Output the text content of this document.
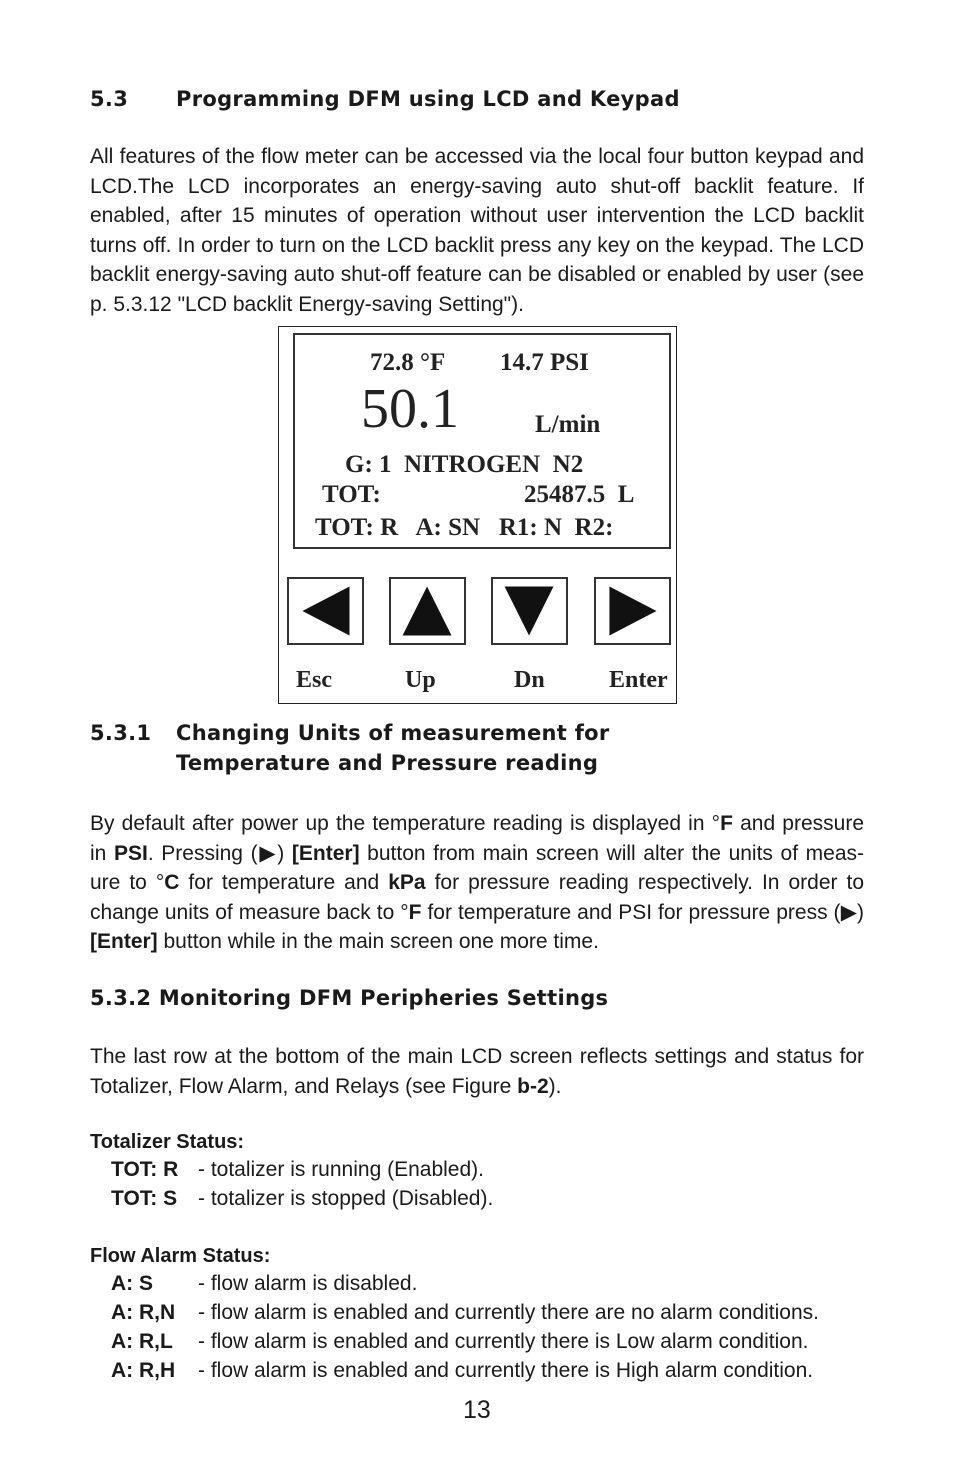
5.3 Programming DFM using LCD and Keypad
All features of the flow meter can be accessed via the local four button keypad and LCD.The LCD incorporates an energy-saving auto shut-off backlit feature. If enabled, after 15 minutes of operation without user intervention the LCD backlit turns off. In order to turn on the LCD backlit press any key on the keypad. The LCD backlit energy-saving auto shut-off feature can be disabled or enabled by user (see p. 5.3.12 "LCD backlit Energy-saving Setting").
72.8 °F 14.7 PSI
50.1	L/min
G: 1  NITROGEN  N2
TOT:	25487.5  L
TOT: R   A: SN   R1: N  R2:
Esc	Up	Dn	Enter
5.3.1 Changing Units of measurement for
Temperature and Pressure reading
By default after power up the temperature reading is displayed in °F and pressure in PSI. Pressing (▶) [Enter] button from main screen will alter the units of meas-ure to °C for temperature and kPa for pressure reading respectively. In order to change units of measure back to °F for temperature and PSI for pressure press (▶) [Enter] button while in the main screen one more time.
5.3.2 Monitoring DFM Peripheries Settings
The last row at the bottom of the main LCD screen reflects settings and status for Totalizer, Flow Alarm, and Relays (see Figure b-2).
Totalizer Status:
TOT: R - totalizer is running (Enabled).
TOT: S - totalizer is stopped (Disabled).
Flow Alarm Status:
A: S - flow alarm is disabled.
A: R,N - flow alarm is enabled and currently there are no alarm conditions.
A: R,L - flow alarm is enabled and currently there is Low alarm condition.
A: R,H - flow alarm is enabled and currently there is High alarm condition.
13
